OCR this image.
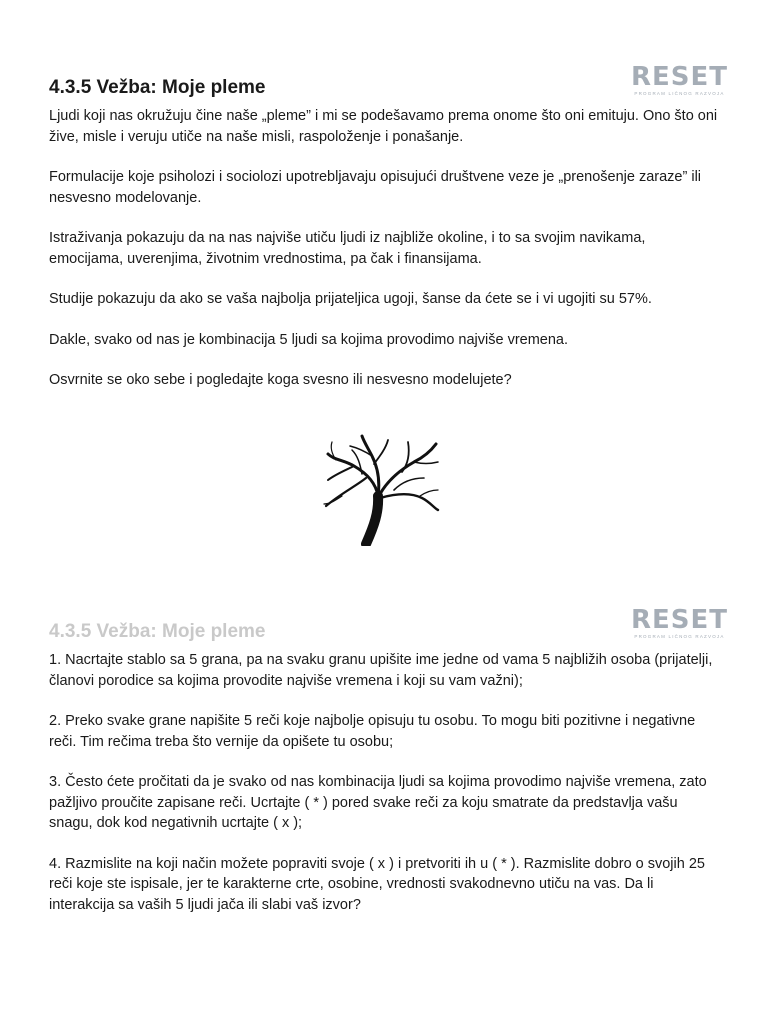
RESET
PROGRAM LIČNOG RAZVOJA
4.3.5 Vežba: Moje pleme

Ljudi koji nas okružuju čine naše „pleme” i mi se podešavamo prema onome što oni emituju. Ono što oni žive, misle i veruju utiče na naše misli, raspoloženje i ponašanje.

Formulacije koje psiholozi i sociolozi upotrebljavaju opisujući društvene veze je „prenošenje zaraze” ili nesvesno modelovanje.

Istraživanja pokazuju da na nas najviše utiču ljudi iz najbliže okoline, i to sa svojim navikama, emocijama, uverenjima, životnim vrednostima, pa čak i finansijama.

Studije pokazuju da ako se vaša najbolja prijateljica ugoji, šanse da ćete se i vi ugojiti su 57%.

Dakle, svako od nas je kombinacija 5 ljudi sa kojima provodimo najviše vremena.

Osvrnite se oko sebe i pogledajte koga svesno ili nesvesno modelujete?

RESET
PROGRAM LIČNOG RAZVOJA
4.3.5 Vežba: Moje pleme

1. Nacrtajte stablo sa 5 grana, pa na svaku granu upišite ime jedne od vama 5 najbližih osoba (prijatelji, članovi porodice sa kojima provodite najviše vremena i koji su vam važni);

2. Preko svake grane napišite 5 reči koje najbolje opisuju tu osobu. To mogu biti pozitivne i negativne reči. Tim rečima treba što vernije da opišete tu osobu;

3. Često ćete pročitati da je svako od nas kombinacija ljudi sa kojima provodimo najviše vremena, zato pažljivo proučite zapisane reči. Ucrtajte ( * ) pored svake reči za koju smatrate da predstavlja vašu snagu, dok kod negativnih ucrtajte ( x );

4. Razmislite na koji način možete popraviti svoje ( x ) i pretvoriti ih u ( * ). Razmislite dobro o svojih 25 reči koje ste ispisale, jer te karakterne crte, osobine, vrednosti svakodnevno utiču na vas. Da li interakcija sa vaših 5 ljudi jača ili slabi vaš izvor?
